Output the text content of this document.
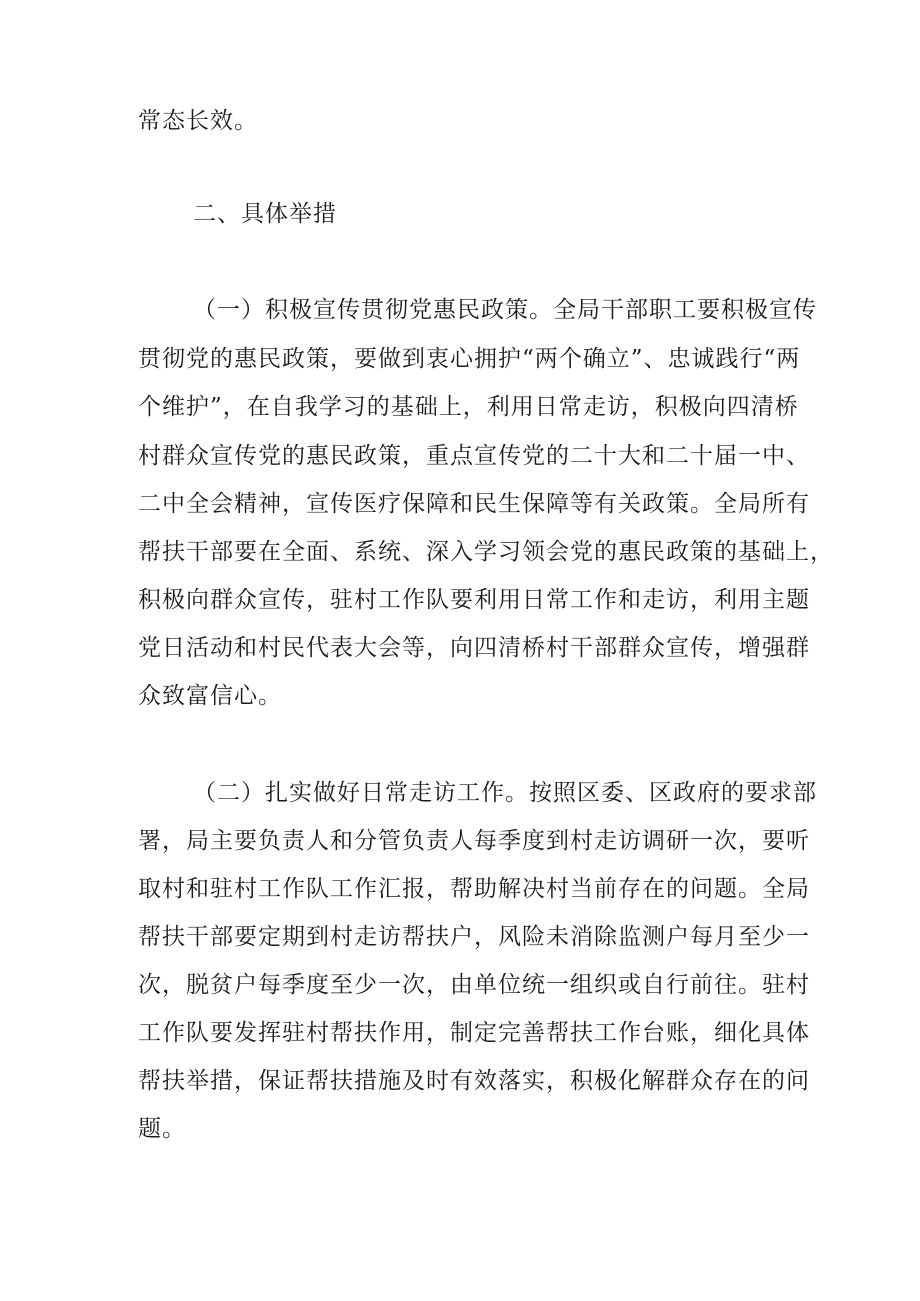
常态长效。
二、具体举措
（一）积极宣传贯彻党惠民政策。全局干部职工要积极宣传
贯彻党的惠民政策，要做到衷心拥护“两个确立”、忠诚践行“两
个维护”，在自我学习的基础上，利用日常走访，积极向四清桥
村群众宣传党的惠民政策，重点宣传党的二十大和二十届一中、
二中全会精神，宣传医疗保障和民生保障等有关政策。全局所有
帮扶干部要在全面、系统、深入学习领会党的惠民政策的基础上，
积极向群众宣传，驻村工作队要利用日常工作和走访，利用主题
党日活动和村民代表大会等，向四清桥村干部群众宣传，增强群
众致富信心。
（二）扎实做好日常走访工作。按照区委、区政府的要求部
署，局主要负责人和分管负责人每季度到村走访调研一次，要听
取村和驻村工作队工作汇报，帮助解决村当前存在的问题。全局
帮扶干部要定期到村走访帮扶户，风险未消除监测户每月至少一
次，脱贫户每季度至少一次，由单位统一组织或自行前往。驻村
工作队要发挥驻村帮扶作用，制定完善帮扶工作台账，细化具体
帮扶举措，保证帮扶措施及时有效落实，积极化解群众存在的问
题。
